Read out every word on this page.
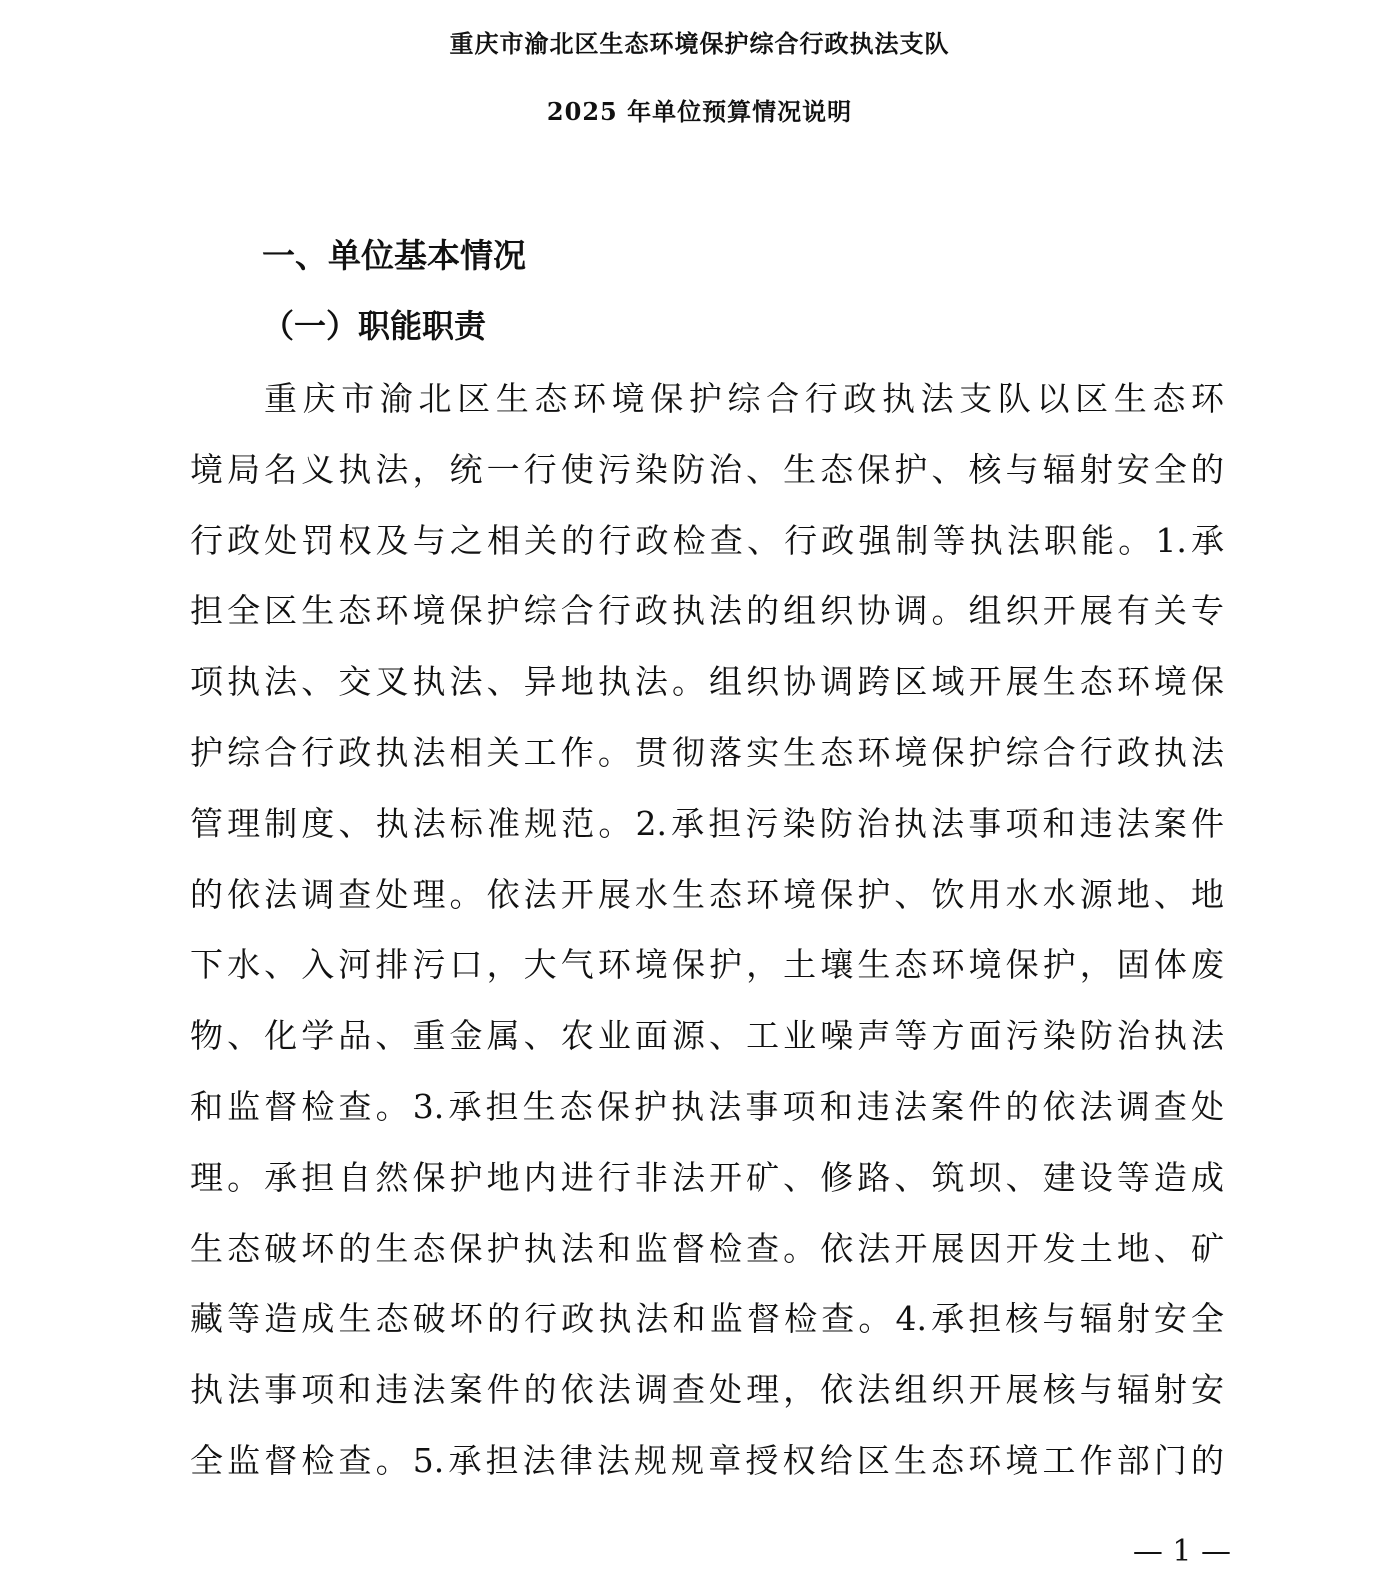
重庆市渝北区生态环境保护综合行政执法支队
2025 年单位预算情况说明
一、单位基本情况
（一）职能职责
重庆市渝北区生态环境保护综合行政执法支队以区生态环
境局名义执法，统一行使污染防治、生态保护、核与辐射安全的
行政处罚权及与之相关的行政检查、行政强制等执法职能。1.承
担全区生态环境保护综合行政执法的组织协调。组织开展有关专
项执法、交叉执法、异地执法。组织协调跨区域开展生态环境保
护综合行政执法相关工作。贯彻落实生态环境保护综合行政执法
管理制度、执法标准规范。2.承担污染防治执法事项和违法案件
的依法调查处理。依法开展水生态环境保护、饮用水水源地、地
下水、入河排污口，大气环境保护，土壤生态环境保护，固体废
物、化学品、重金属、农业面源、工业噪声等方面污染防治执法
和监督检查。3.承担生态保护执法事项和违法案件的依法调查处
理。承担自然保护地内进行非法开矿、修路、筑坝、建设等造成
生态破坏的生态保护执法和监督检查。依法开展因开发土地、矿
藏等造成生态破坏的行政执法和监督检查。4.承担核与辐射安全
执法事项和违法案件的依法调查处理，依法组织开展核与辐射安
全监督检查。5.承担法律法规规章授权给区生态环境工作部门的
— 1 —
